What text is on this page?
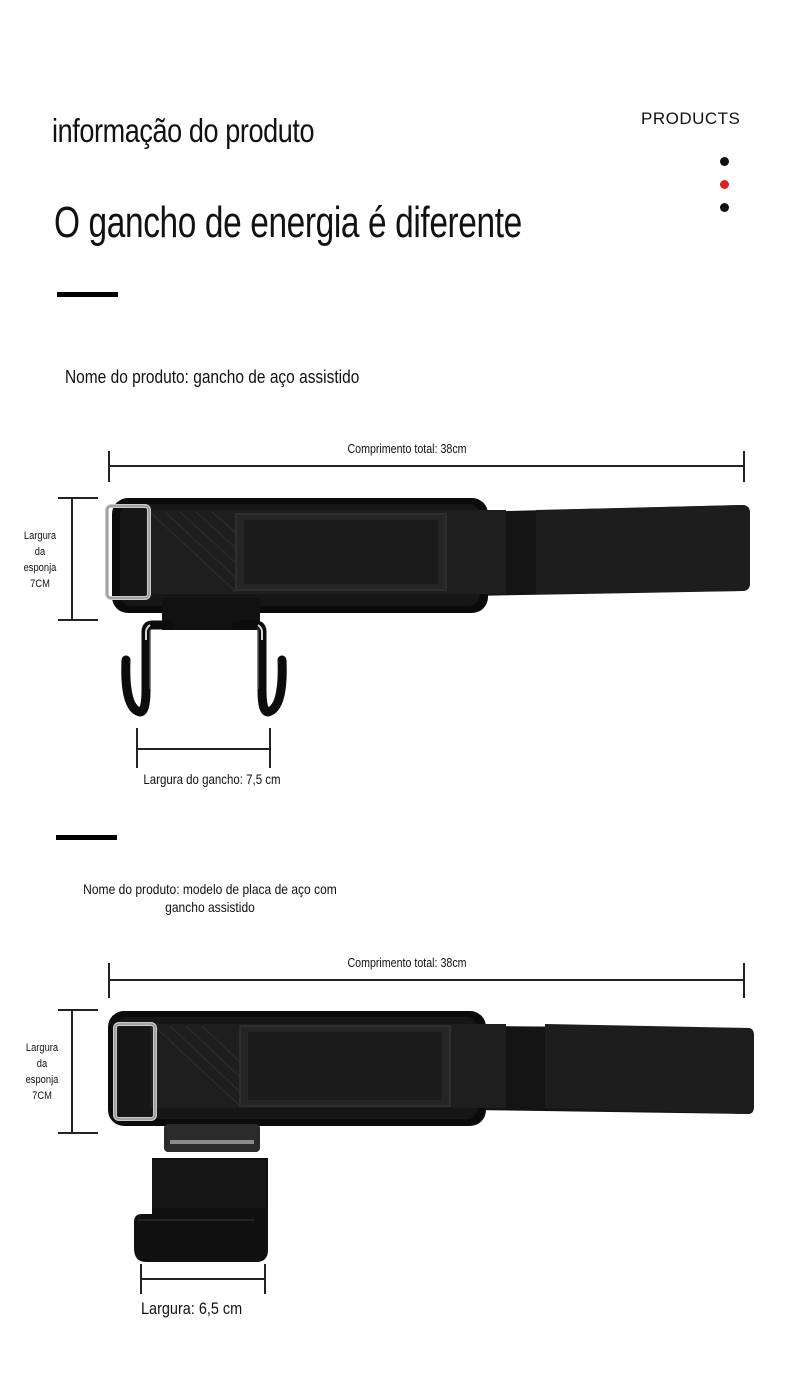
informação do produto
O gancho de energia é diferente
PRODUCTS
Nome do produto: gancho de aço assistido
Comprimento total: 38cm
Largura
da
esponja
7CM
Largura do gancho: 7,5 cm
Nome do produto: modelo de placa de aço com gancho assistido
Comprimento total: 38cm
Largura
da
esponja
7CM
Largura: 6,5 cm
